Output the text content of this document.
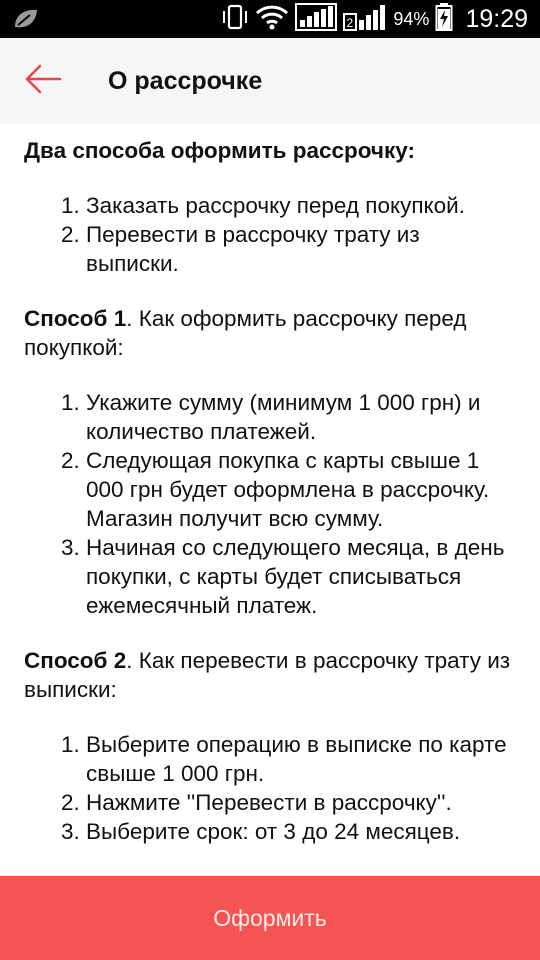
2 94% 19:29
О рассрочке
Два способа оформить рассрочку:
1. Заказать рассрочку перед покупкой.
2. Перевести в рассрочку трату из выписки.

Способ 1. Как оформить рассрочку перед покупкой:

1. Укажите сумму (минимум 1 000 грн) и количество платежей.
2. Следующая покупка с карты свыше 1 000 грн будет оформлена в рассрочку. Магазин получит всю сумму.
3. Начиная со следующего месяца, в день покупки, с карты будет списываться ежемесячный платеж.

Способ 2. Как перевести в рассрочку трату из выписки:

1. Выберите операцию в выписке по карте свыше 1 000 грн.
2. Нажмите ''Перевести в рассрочку''.
3. Выберите срок: от 3 до 24 месяцев.
Оформить
